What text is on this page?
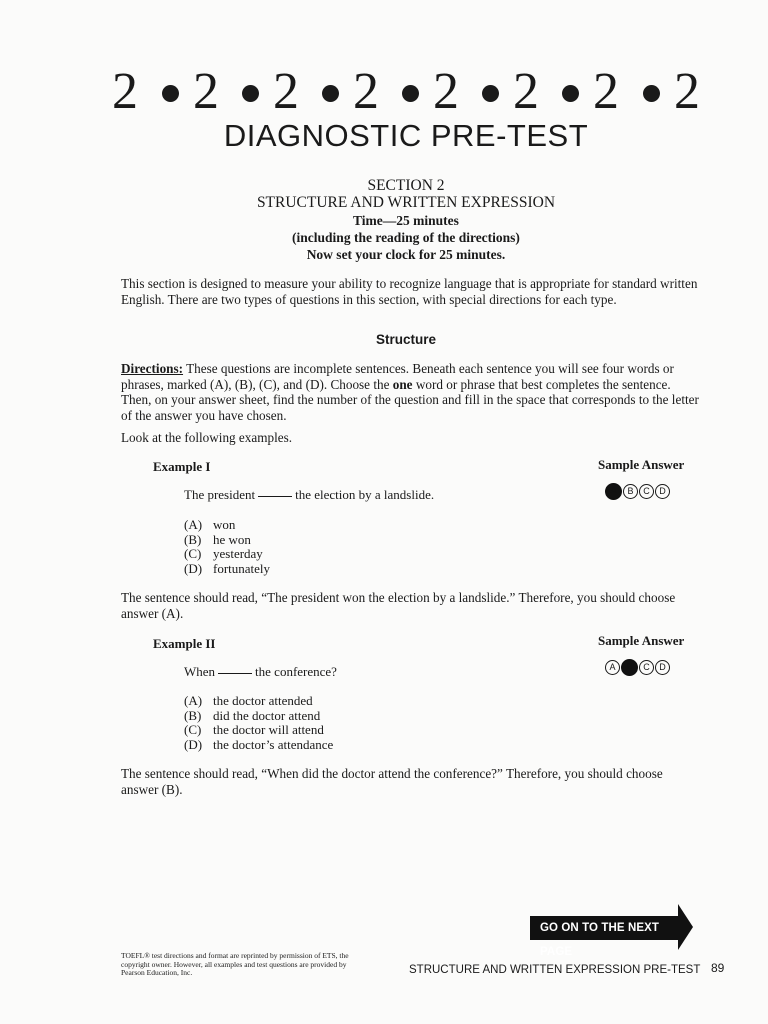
2 2 2 2 2 2 2 2
DIAGNOSTIC PRE-TEST
SECTION 2
STRUCTURE AND WRITTEN EXPRESSION
Time—25 minutes
(including the reading of the directions)
Now set your clock for 25 minutes.
This section is designed to measure your ability to recognize language that is appropriate for standard written English. There are two types of questions in this section, with special directions for each type.
Structure
Directions: These questions are incomplete sentences. Beneath each sentence you will see four words or phrases, marked (A), (B), (C), and (D). Choose the one word or phrase that best completes the sentence. Then, on your answer sheet, find the number of the question and fill in the space that corresponds to the letter of the answer you have chosen.
Look at the following examples.
Example I	Sample Answer
The president	the election by a landslide.	A	B	C	D
(A) won
(B) he won
(C) yesterday
(D) fortunately
The sentence should read, “The president won the election by a landslide.” Therefore, you should choose answer (A).
Example II	Sample Answer
When	the conference?	A	B	C	D
(A) the doctor attended
(B) did the doctor attend
(C) the doctor will attend
(D) the doctor’s attendance
The sentence should read, “When did the doctor attend the conference?” Therefore, you should choose answer (B).
GO ON TO THE NEXT PAGE
TOEFL® test directions and format are reprinted by permission of ETS, the copyright owner. However, all examples and test questions are provided by Pearson Education, Inc.	STRUCTURE AND WRITTEN EXPRESSION PRE-TEST 89
